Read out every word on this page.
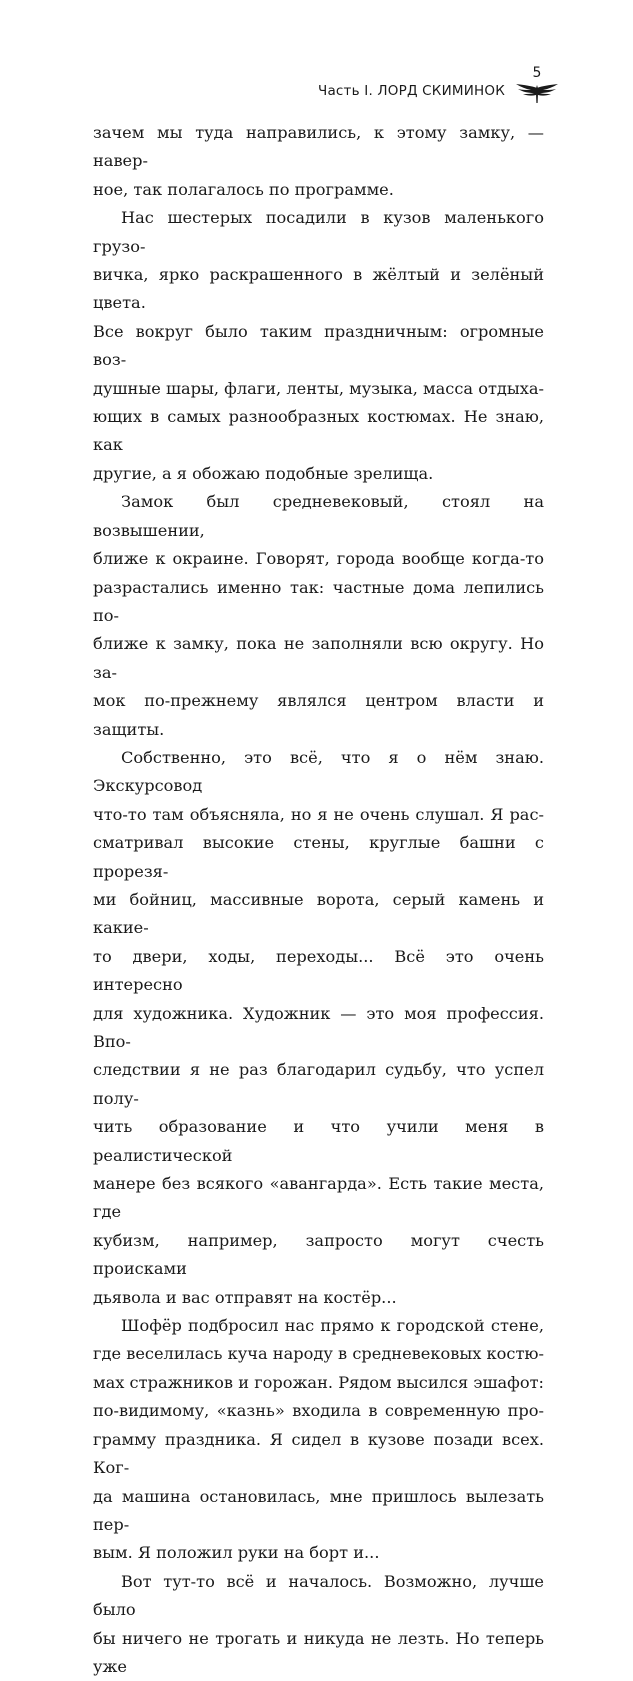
Часть I. ЛОРД СКИМИНОК
5

зачем мы туда направились, к этому замку, — навер-

ное, так полагалось по программе.

Нас шестерых посадили в кузов маленького грузо-

вичка, ярко раскрашенного в жёлтый и зелёный цвета.

Все вокруг было таким праздничным: огромные воз-

душные шары, флаги, ленты, музыка, масса отдыха-

ющих в самых разнообразных костюмах. Не знаю, как

другие, а я обожаю подобные зрелища.

Замок был средневековый, стоял на возвышении,

ближе к окраине. Говорят, города вообще когда-то

разрастались именно так: частные дома лепились по-

ближе к замку, пока не заполняли всю округу. Но за-

мок по-прежнему являлся центром власти и защиты.

Собственно, это всё, что я о нём знаю. Экскурсовод

что-то там объясняла, но я не очень слушал. Я рас-

сматривал высокие стены, круглые башни с прорезя-

ми бойниц, массивные ворота, серый камень и какие-

то двери, ходы, переходы... Всё это очень интересно

для художника. Художник — это моя профессия. Впо-

следствии я не раз благодарил судьбу, что успел полу-

чить образование и что учили меня в реалистической

манере без всякого «авангарда». Есть такие места, где

кубизм, например, запросто могут счесть происками

дьявола и вас отправят на костёр...

Шофёр подбросил нас прямо к городской стене,

где веселилась куча народу в средневековых костю-

мах стражников и горожан. Рядом высился эшафот:

по-видимому, «казнь» входила в современную про-

грамму праздника. Я сидел в кузове позади всех. Ког-

да машина остановилась, мне пришлось вылезать пер-

вым. Я положил руки на борт и...

Вот тут-то всё и началось. Возможно, лучше было

бы ничего не трогать и никуда не лезть. Но теперь уже
